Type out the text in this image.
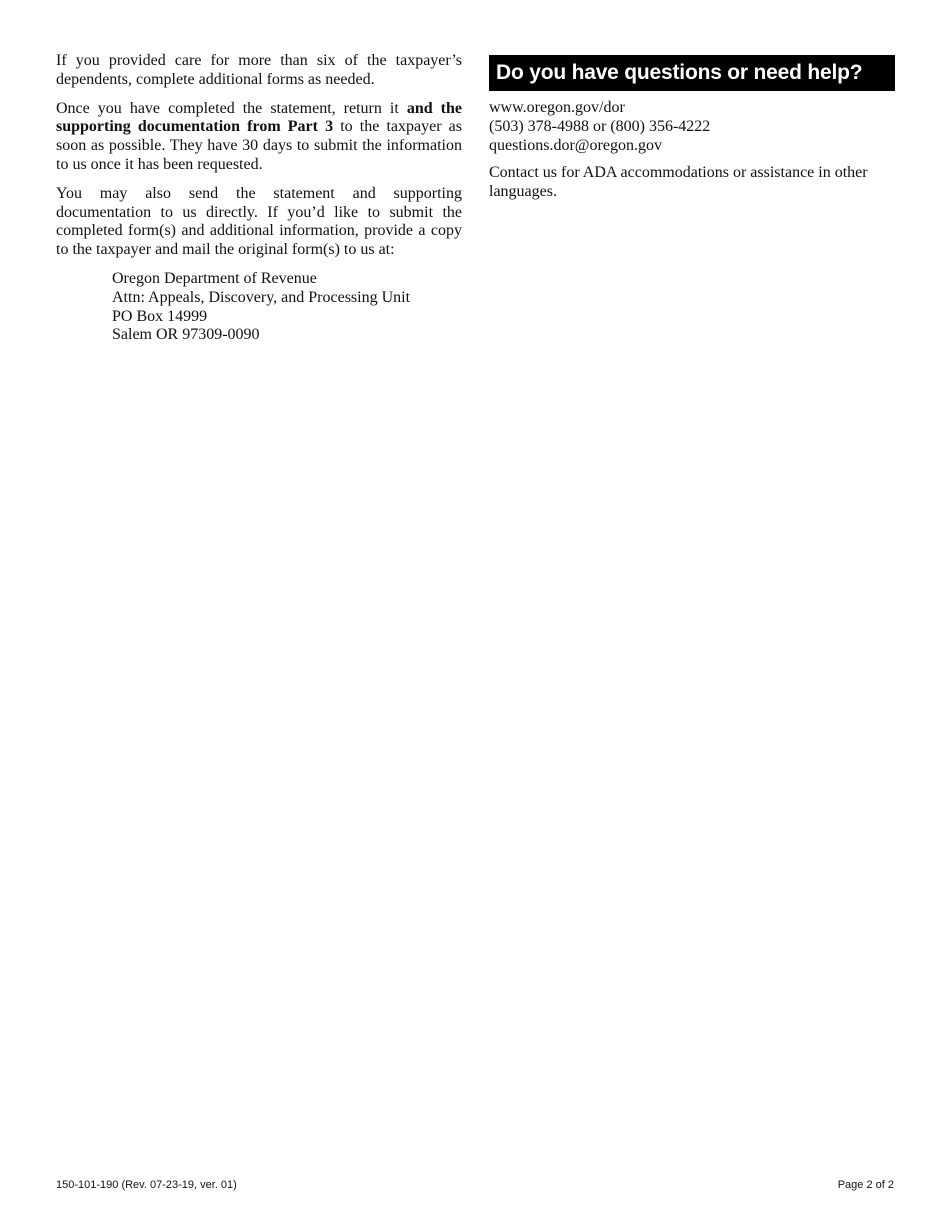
If you provided care for more than six of the taxpayer’s dependents, complete additional forms as needed.

Once you have completed the statement, return it and the supporting documentation from Part 3 to the taxpayer as soon as possible. They have 30 days to submit the information to us once it has been requested.

You may also send the statement and supporting documentation to us directly. If you’d like to submit the completed form(s) and additional information, provide a copy to the taxpayer and mail the original form(s) to us at:

Oregon Department of Revenue
Attn: Appeals, Discovery, and Processing Unit
PO Box 14999
Salem OR 97309-0090
Do you have questions or need help?
www.oregon.gov/dor
(503) 378-4988 or (800) 356-4222
questions.dor@oregon.gov
Contact us for ADA accommodations or assistance in other languages.
150-101-190 (Rev. 07-23-19, ver. 01)	Page 2 of 2
